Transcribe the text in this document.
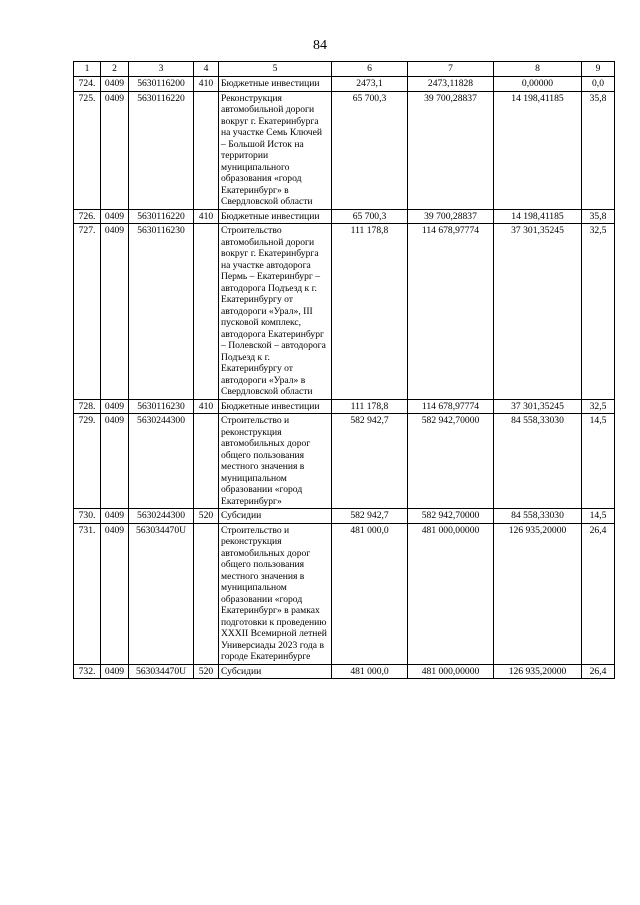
84
1	2	3	4	5	6	7	8	9
724.	0409	5630116200	410	Бюджетные инвестиции	2473,1	2473,11828	0,00000	0,0
725.	0409	5630116220		Реконструкция автомобильной дороги вокруг г. Екатеринбурга на участке Семь Ключей – Большой Исток на территории муниципального образования «город Екатеринбург» в Свердловской области	65 700,3	39 700,28837	14 198,41185	35,8
726.	0409	5630116220	410	Бюджетные инвестиции	65 700,3	39 700,28837	14 198,41185	35,8
727.	0409	5630116230		Строительство автомобильной дороги вокруг г. Екатеринбурга на участке автодорога Пермь – Екатеринбург – автодорога Подъезд к г. Екатеринбургу от автодороги «Урал», III пусковой комплекс, автодорога Екатеринбург – Полевской – автодорога Подъезд к г. Екатеринбургу от автодороги «Урал» в Свердловской области	111 178,8	114 678,97774	37 301,35245	32,5
728.	0409	5630116230	410	Бюджетные инвестиции	111 178,8	114 678,97774	37 301,35245	32,5
729.	0409	5630244300		Строительство и реконструкция автомобильных дорог общего пользования местного значения в муниципальном образовании «город Екатеринбург»	582 942,7	582 942,70000	84 558,33030	14,5
730.	0409	5630244300	520	Субсидии	582 942,7	582 942,70000	84 558,33030	14,5
731.	0409	563034470U		Строительство и реконструкция автомобильных дорог общего пользования местного значения в муниципальном образовании «город Екатеринбург» в рамках подготовки к проведению XXXII Всемирной летней Универсиады 2023 года в городе Екатеринбурге	481 000,0	481 000,00000	126 935,20000	26,4
732.	0409	563034470U	520	Субсидии	481 000,0	481 000,00000	126 935,20000	26,4
